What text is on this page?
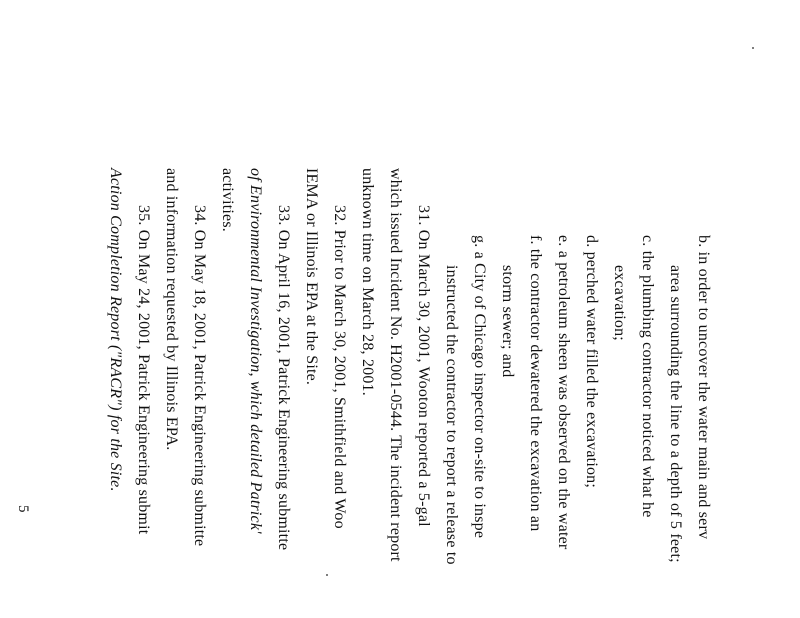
b. in order to uncover the water main and serv
area surrounding the line to a depth of 5 feet;
c. the plumbing contractor noticed what he
excavation;
d. perched water filled the excavation;
e. a petroleum sheen was observed on the water
f. the contractor dewatered the excavation an
storm sewer; and
g. a City of Chicago inspector on-site to inspe
instructed the contractor to report a release to
31. On March 30, 2001, Wooton reported a 5-gal
which issued Incident No. H2001-0544. The incident report
unknown time on March 28, 2001.
32. Prior to March 30, 2001, Smithfield and Woo
IEMA or Illinois EPA at the Site.
33. On April 16, 2001, Patrick Engineering submitte
of Environmental Investigation, which detailed Patrick'
activities.
34. On May 18, 2001, Patrick Engineering submitte
and information requested by Illinois EPA.
35. On May 24, 2001, Patrick Engineering submit
Action Completion Report ("RACR") for the Site.
5
